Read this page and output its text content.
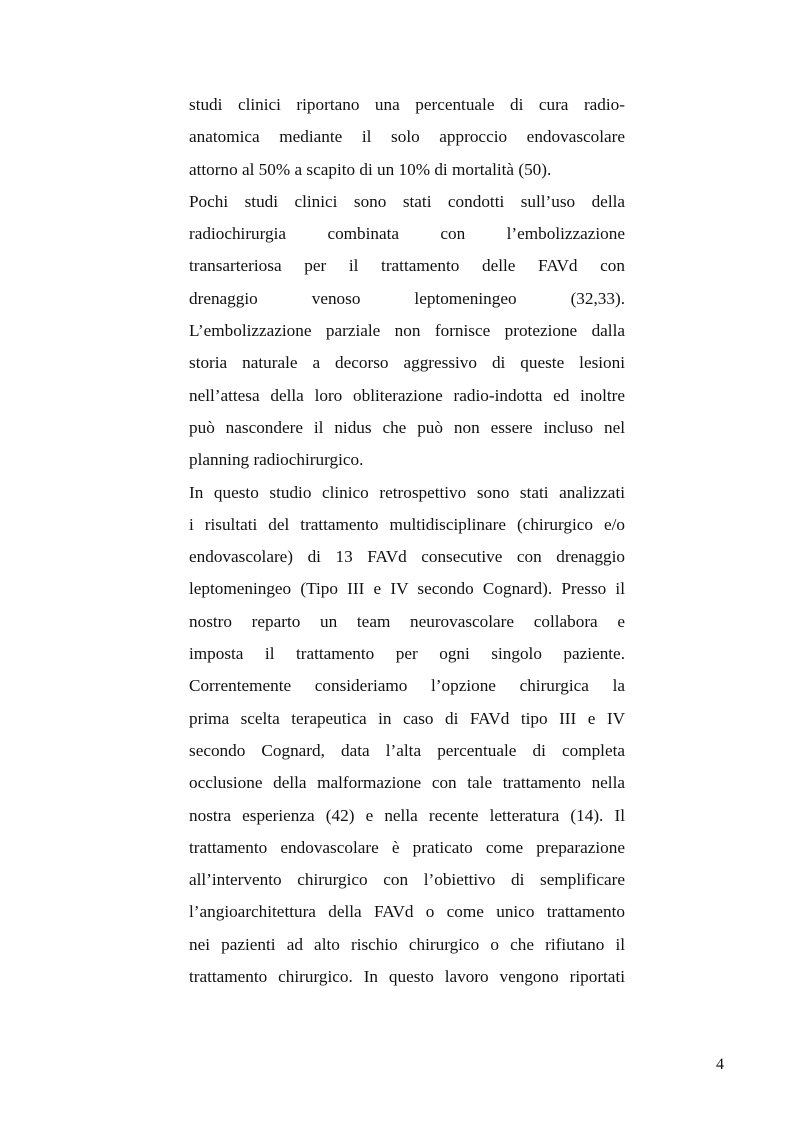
studi clinici riportano una percentuale di cura radio-
anatomica mediante il solo approccio endovascolare
attorno al 50% a scapito di un 10% di mortalità (50).
Pochi studi clinici sono stati condotti sull’uso della
radiochirurgia combinata con l’embolizzazione
transarteriosa per il trattamento delle FAVd con
drenaggio venoso leptomeningeo (32,33).
L’embolizzazione parziale non fornisce protezione dalla
storia naturale a decorso aggressivo di queste lesioni
nell’attesa della loro obliterazione radio-indotta ed inoltre
può nascondere il nidus che può non essere incluso nel
planning radiochirurgico.
In questo studio clinico retrospettivo sono stati analizzati
i risultati del trattamento multidisciplinare (chirurgico e/o
endovascolare) di 13 FAVd consecutive con drenaggio
leptomeningeo (Tipo III e IV secondo Cognard). Presso il
nostro reparto un team neurovascolare collabora e
imposta il trattamento per ogni singolo paziente.
Correntemente consideriamo l’opzione chirurgica la
prima scelta terapeutica in caso di FAVd tipo III e IV
secondo Cognard, data l’alta percentuale di completa
occlusione della malformazione con tale trattamento nella
nostra esperienza (42) e nella recente letteratura (14). Il
trattamento endovascolare è praticato come preparazione
all’intervento chirurgico con l’obiettivo di semplificare
l’angioarchitettura della FAVd o come unico trattamento
nei pazienti ad alto rischio chirurgico o che rifiutano il
trattamento chirurgico. In questo lavoro vengono riportati
4
